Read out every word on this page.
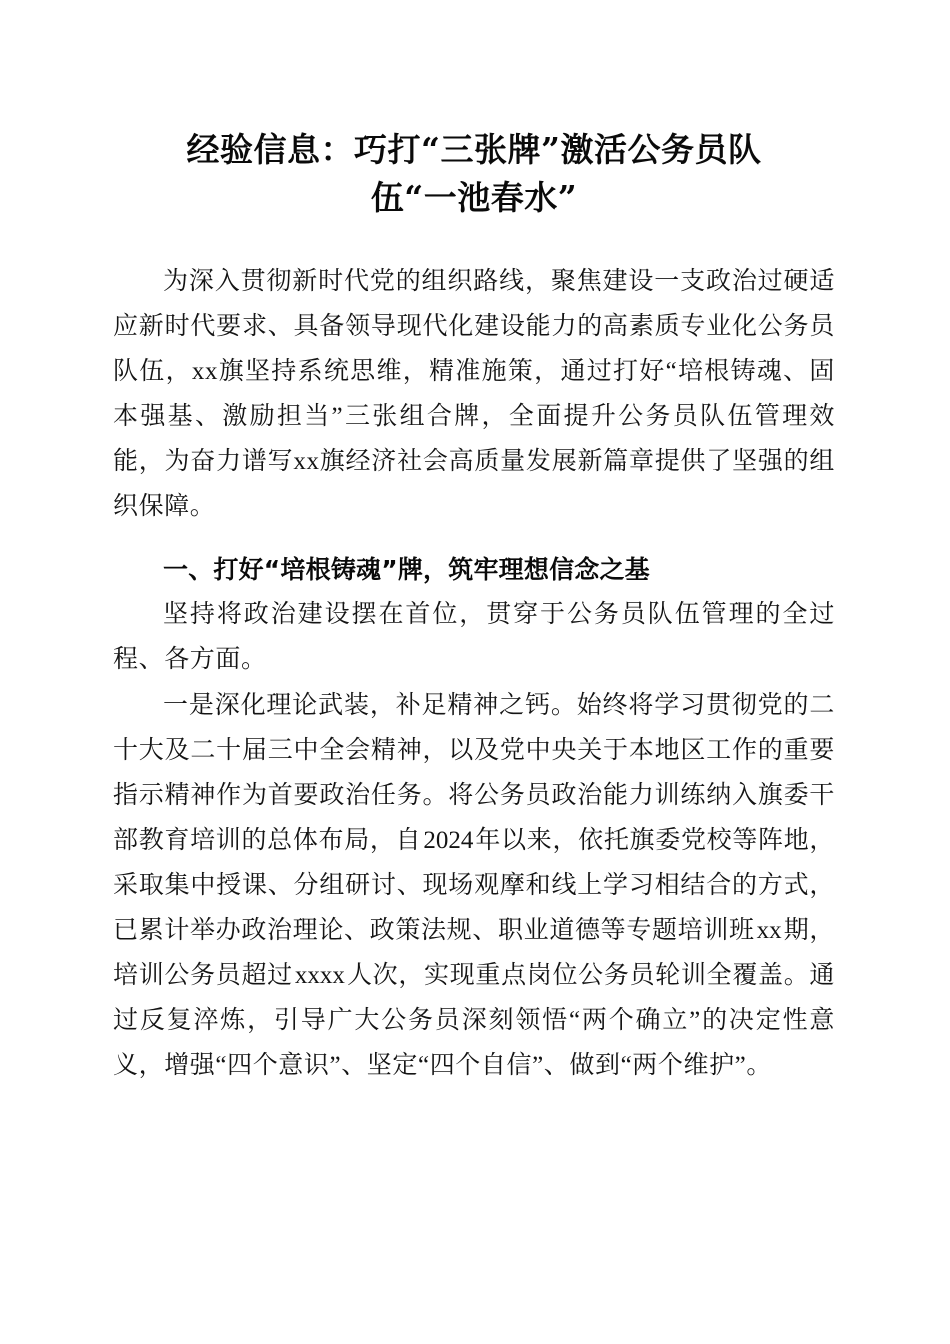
经验信息：巧打“三张牌”激活公务员队
伍“一池春水”

为深入贯彻新时代党的组织路线，聚焦建设一支政治过硬适应新时代要求、具备领导现代化建设能力的高素质专业化公务员队伍，xx旗坚持系统思维，精准施策，通过打好“培根铸魂、固本强基、激励担当”三张组合牌，全面提升公务员队伍管理效能，为奋力谱写xx旗经济社会高质量发展新篇章提供了坚强的组织保障。

一、打好“培根铸魂”牌，筑牢理想信念之基

坚持将政治建设摆在首位，贯穿于公务员队伍管理的全过程、各方面。

一是深化理论武装，补足精神之钙。始终将学习贯彻党的二十大及二十届三中全会精神，以及党中央关于本地区工作的重要指示精神作为首要政治任务。将公务员政治能力训练纳入旗委干部教育培训的总体布局，自2024年以来，依托旗委党校等阵地，采取集中授课、分组研讨、现场观摩和线上学习相结合的方式，已累计举办政治理论、政策法规、职业道德等专题培训班xx期，培训公务员超过xxxx人次，实现重点岗位公务员轮训全覆盖。通过反复淬炼，引导广大公务员深刻领悟“两个确立”的决定性意义，增强“四个意识”、坚定“四个自信”、做到“两个维护”。
